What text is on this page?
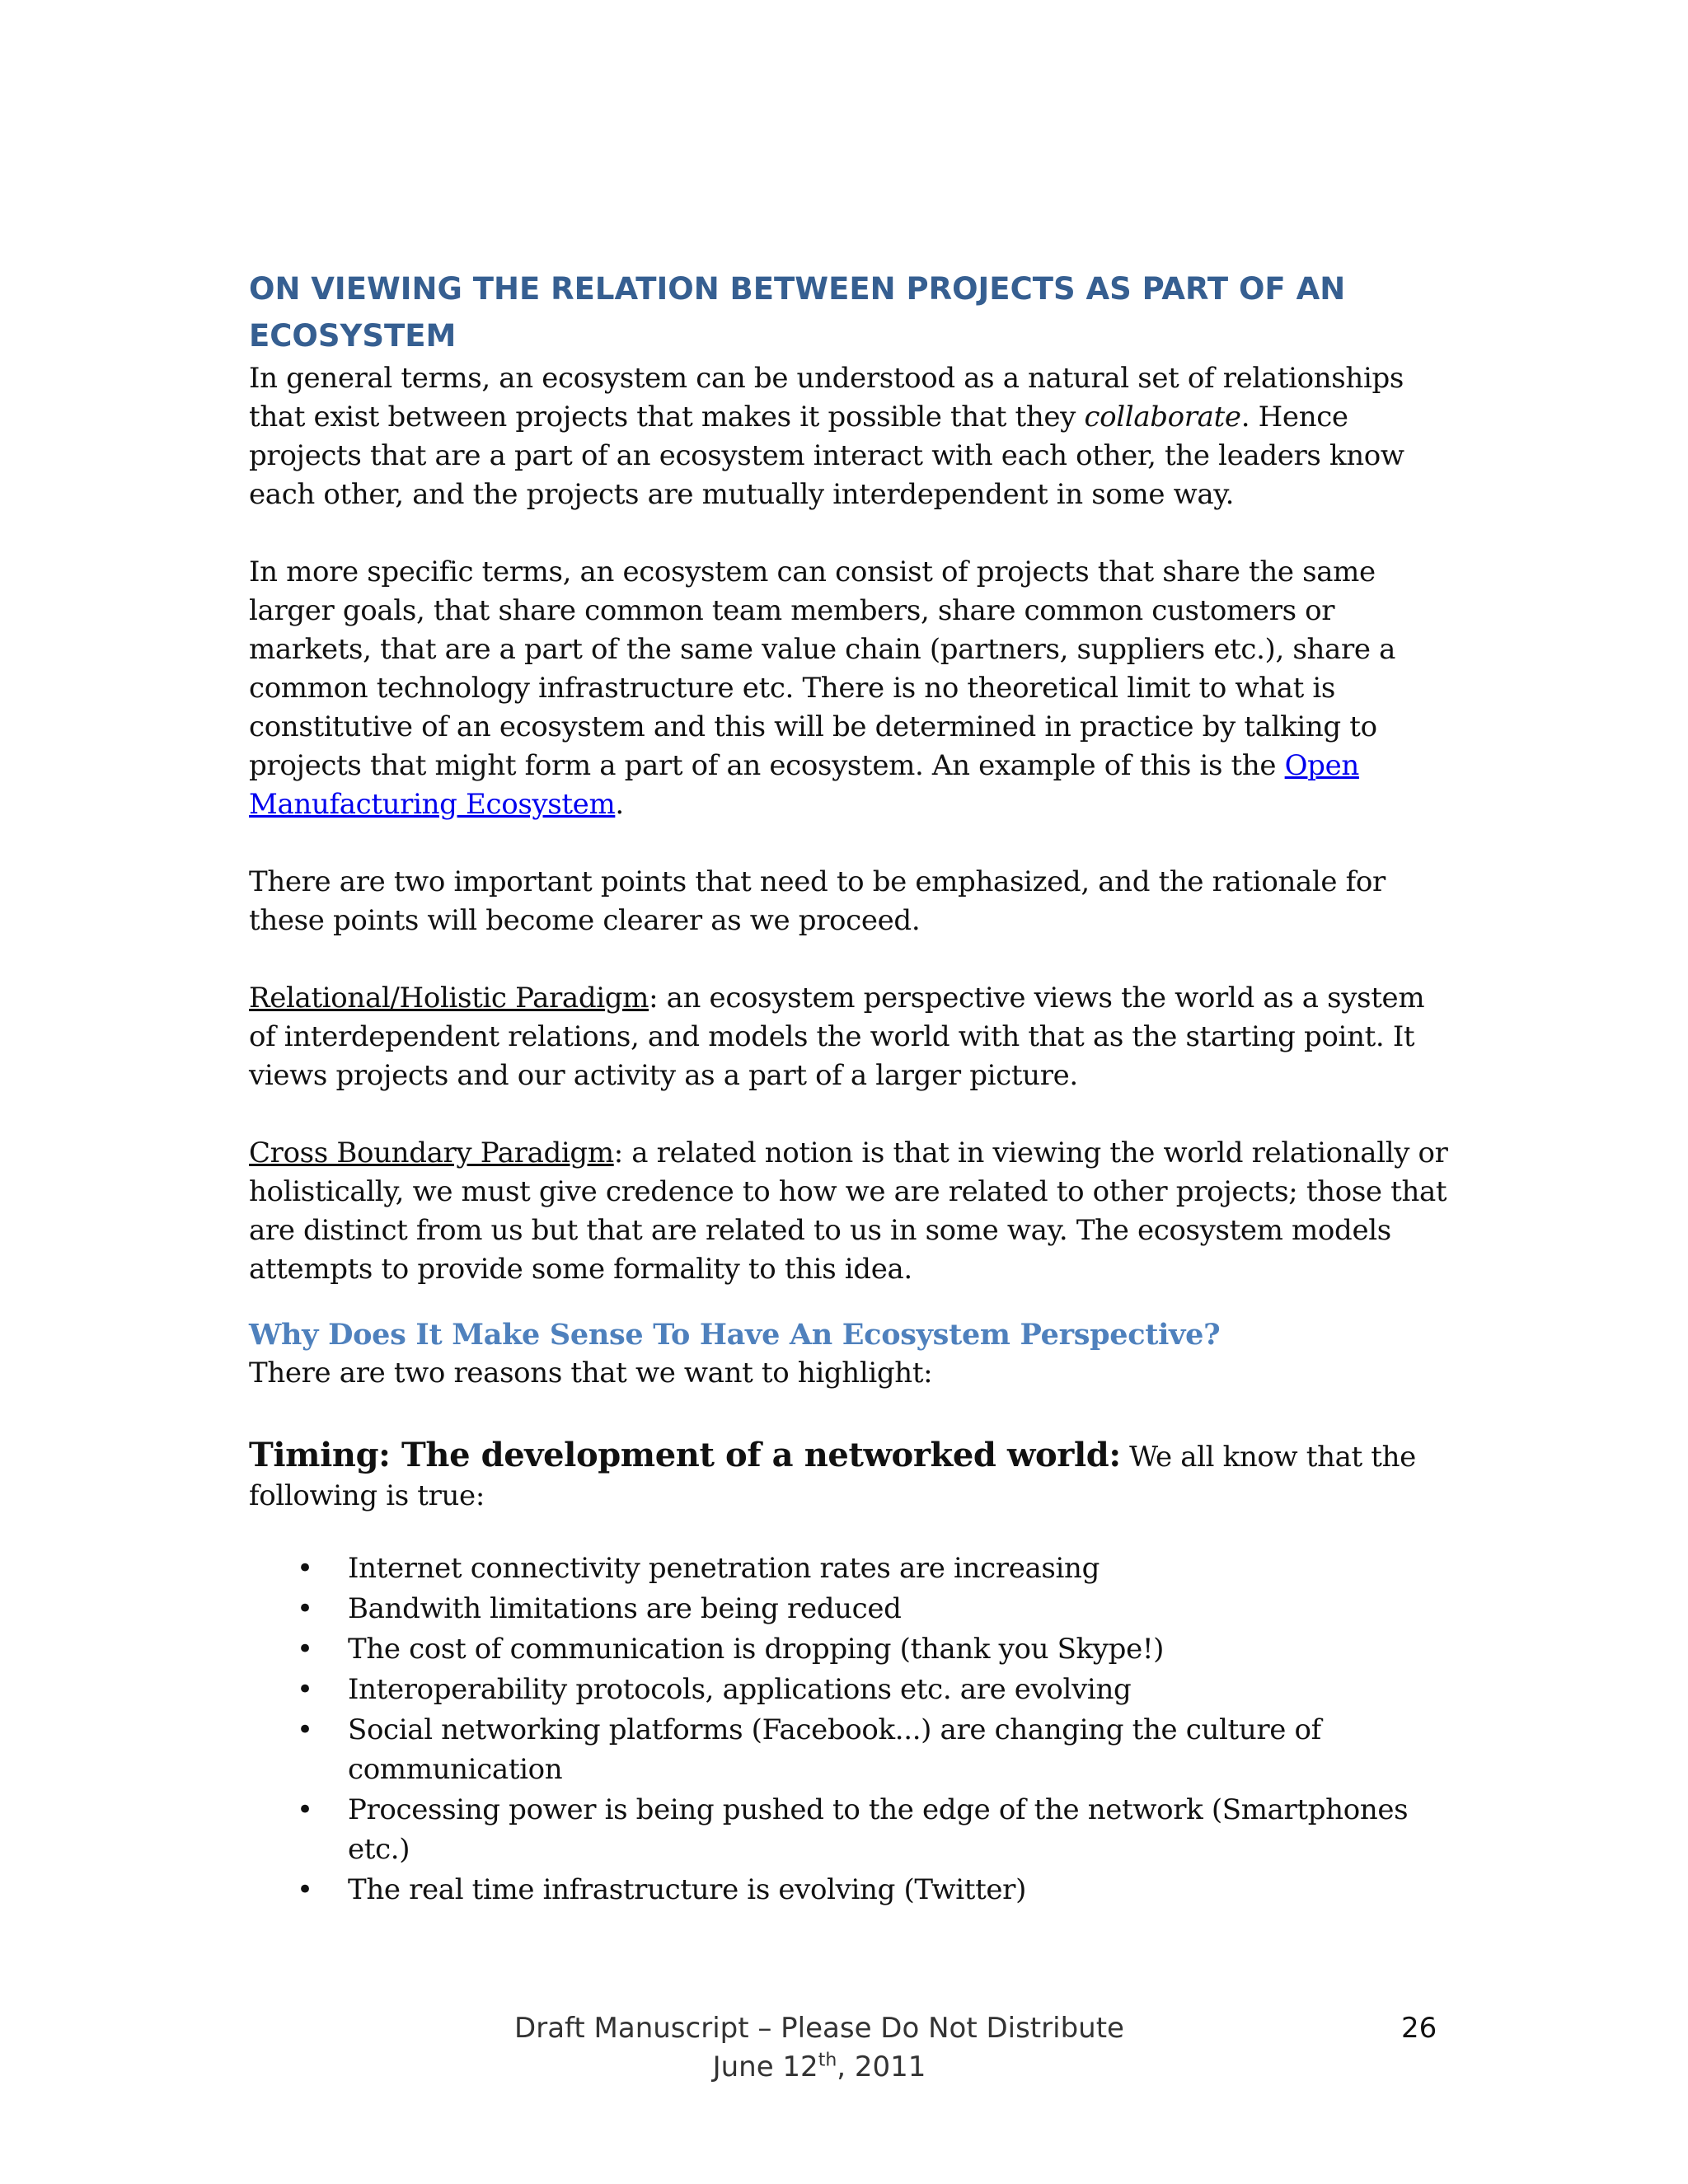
ON VIEWING THE RELATION BETWEEN PROJECTS AS PART OF AN ECOSYSTEM

In general terms, an ecosystem can be understood as a natural set of relationships that exist between projects that makes it possible that they collaborate. Hence projects that are a part of an ecosystem interact with each other, the leaders know each other, and the projects are mutually interdependent in some way.

In more specific terms, an ecosystem can consist of projects that share the same larger goals, that share common team members, share common customers or markets, that are a part of the same value chain (partners, suppliers etc.), share a common technology infrastructure etc. There is no theoretical limit to what is constitutive of an ecosystem and this will be determined in practice by talking to projects that might form a part of an ecosystem. An example of this is the Open Manufacturing Ecosystem.

There are two important points that need to be emphasized, and the rationale for these points will become clearer as we proceed.

Relational/Holistic Paradigm: an ecosystem perspective views the world as a system of interdependent relations, and models the world with that as the starting point. It views projects and our activity as a part of a larger picture.

Cross Boundary Paradigm: a related notion is that in viewing the world relationally or holistically, we must give credence to how we are related to other projects; those that are distinct from us but that are related to us in some way. The ecosystem models attempts to provide some formality to this idea.

Why Does It Make Sense To Have An Ecosystem Perspective?

There are two reasons that we want to highlight:

Timing: The development of a networked world: We all know that the following is true:

• Internet connectivity penetration rates are increasing
• Bandwith limitations are being reduced
• The cost of communication is dropping (thank you Skype!)
• Interoperability protocols, applications etc. are evolving
• Social networking platforms (Facebook...) are changing the culture of communication
• Processing power is being pushed to the edge of the network (Smartphones etc.)
• The real time infrastructure is evolving (Twitter)
Draft Manuscript – Please Do Not Distribute
June 12th, 2011
26
